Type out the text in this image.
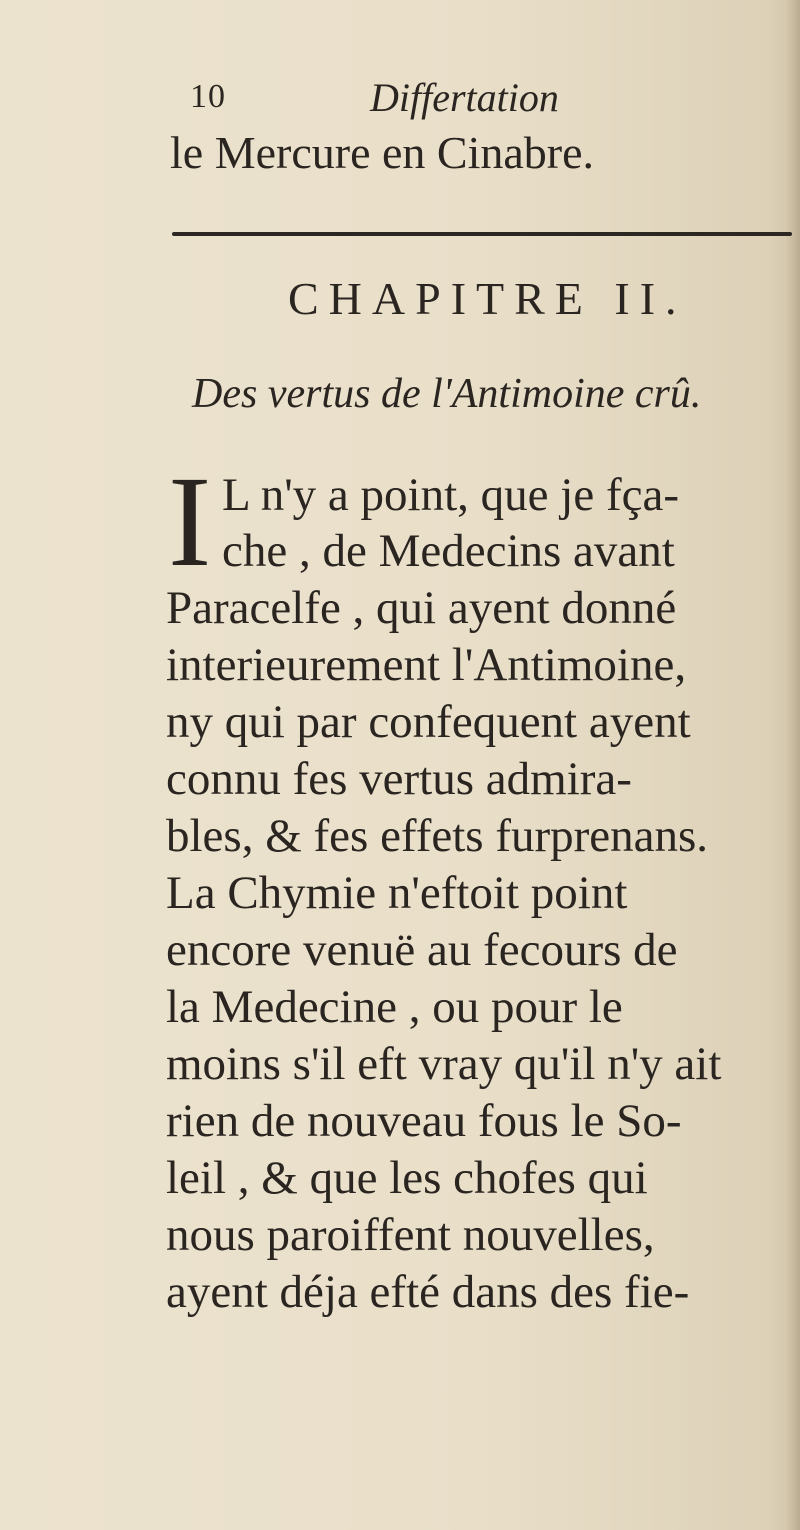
10	Differtation
le Mercure en Cinabre.
CHAPITRE II.
Des vertus de l'Antimoine crû.
I L n'y a point, que je fça-
che , de Medecins avant
Paracelfe , qui ayent donné
interieurement l'Antimoine,
ny qui par confequent ayent
connu fes vertus admira-
bles, & fes effets furprenans.
La Chymie n'eftoit point
encore venuë au fecours de
la Medecine , ou pour le
moins s'il eft vray qu'il n'y ait
rien de nouveau fous le So-
leil , & que les chofes qui
nous paroiffent nouvelles,
ayent déja efté dans des fie-
